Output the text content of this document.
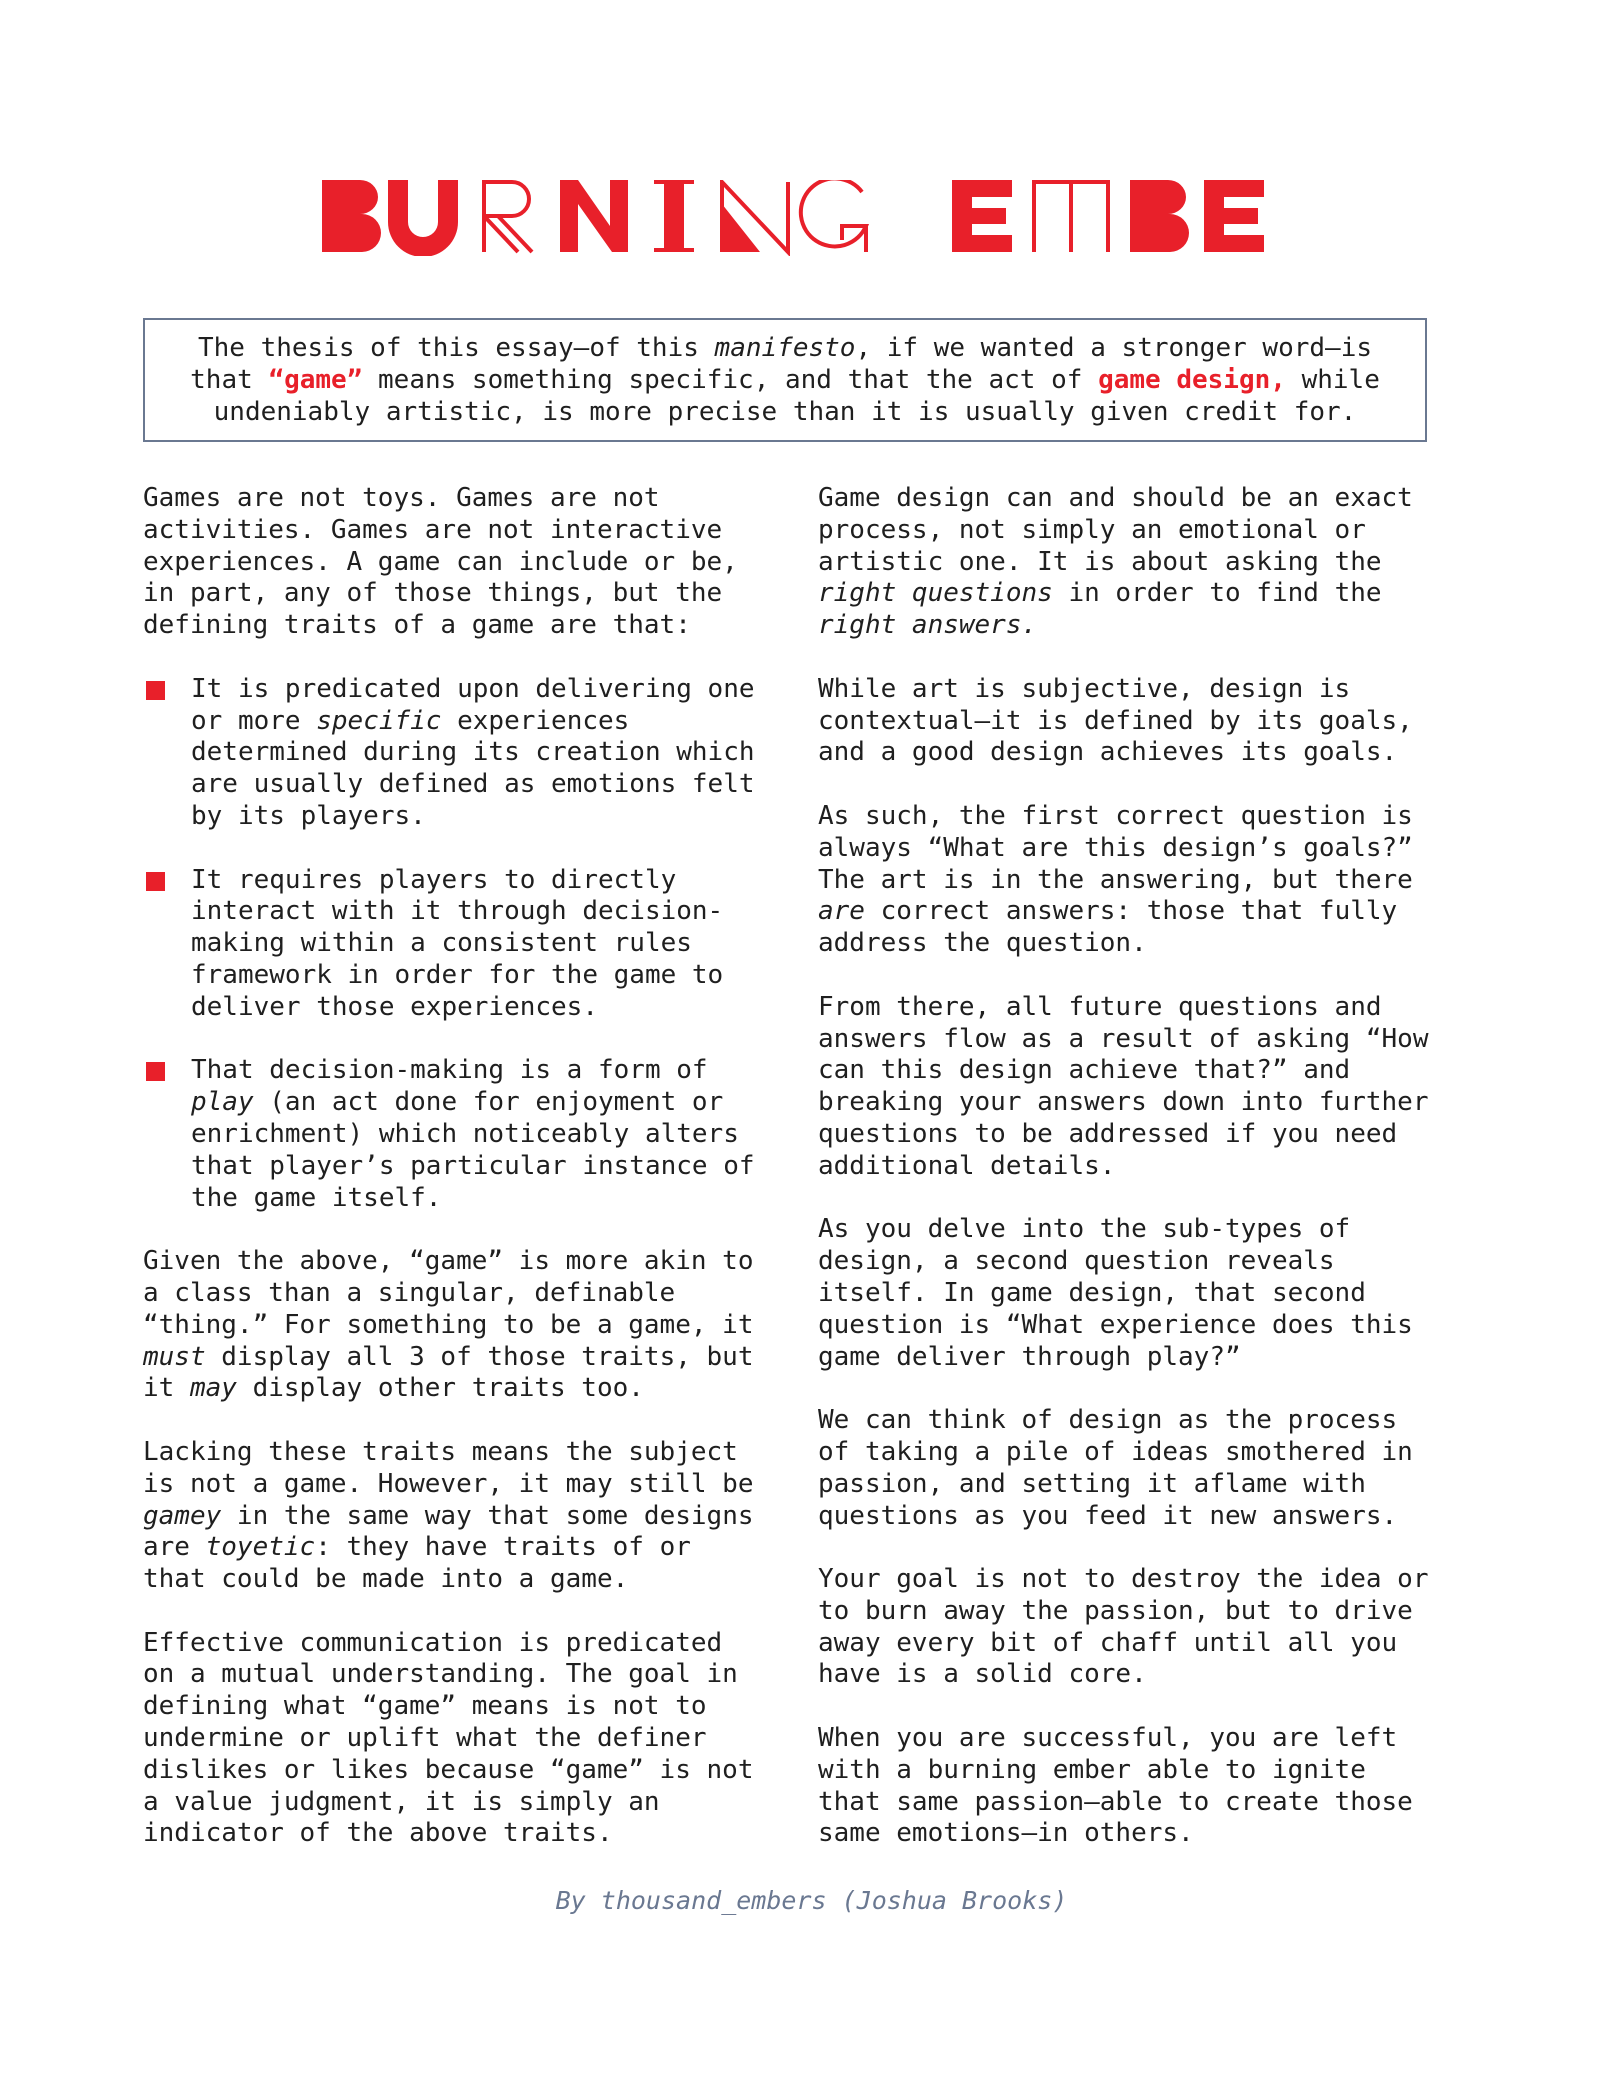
The thesis of this essay—of this manifesto, if we wanted a stronger word—is that “game” means something specific, and that the act of game design, while undeniably artistic, is more precise than it is usually given credit for.

Games are not toys. Games are not activities. Games are not interactive experiences. A game can include or be, in part, any of those things, but the defining traits of a game are that:

It is predicated upon delivering one or more specific experiences determined during its creation which are usually defined as emotions felt by its players.

It requires players to directly interact with it through decision-making within a consistent rules framework in order for the game to deliver those experiences.

That decision-making is a form of play (an act done for enjoyment or enrichment) which noticeably alters that player’s particular instance of the game itself.

Given the above, “game” is more akin to a class than a singular, definable “thing.” For something to be a game, it must display all 3 of those traits, but it may display other traits too.

Lacking these traits means the subject is not a game. However, it may still be gamey in the same way that some designs are toyetic: they have traits of or that could be made into a game.

Effective communication is predicated on a mutual understanding. The goal in defining what “game” means is not to undermine or uplift what the definer dislikes or likes because “game” is not a value judgment, it is simply an indicator of the above traits.

Game design can and should be an exact process, not simply an emotional or artistic one. It is about asking the right questions in order to find the right answers.

While art is subjective, design is contextual—it is defined by its goals, and a good design achieves its goals.

As such, the first correct question is always “What are this design’s goals?” The art is in the answering, but there are correct answers: those that fully address the question.

From there, all future questions and answers flow as a result of asking “How can this design achieve that?” and breaking your answers down into further questions to be addressed if you need additional details.

As you delve into the sub-types of design, a second question reveals itself. In game design, that second question is “What experience does this game deliver through play?”

We can think of design as the process of taking a pile of ideas smothered in passion, and setting it aflame with questions as you feed it new answers.

Your goal is not to destroy the idea or to burn away the passion, but to drive away every bit of chaff until all you have is a solid core.

When you are successful, you are left with a burning ember able to ignite that same passion—able to create those same emotions—in others.

By thousand_embers (Joshua Brooks)
